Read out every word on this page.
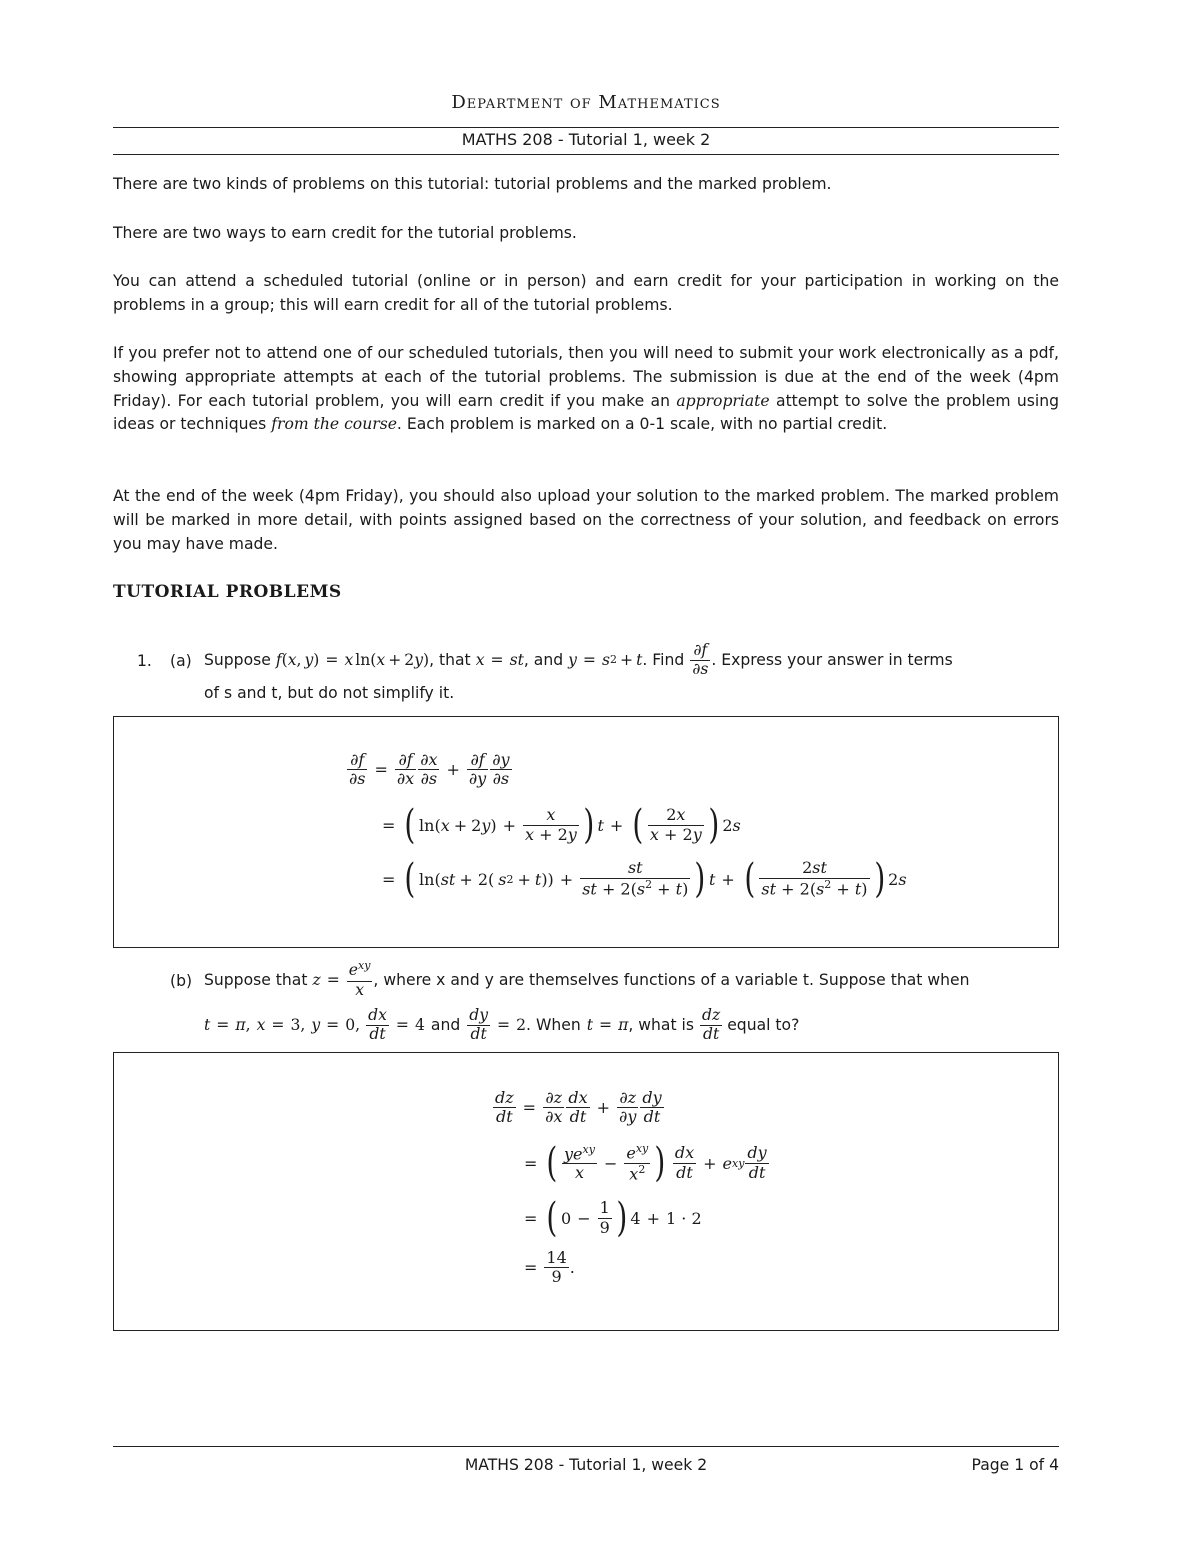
Department of Mathematics
MATHS 208 - Tutorial 1, week 2
There are two kinds of problems on this tutorial: tutorial problems and the marked problem.
There are two ways to earn credit for the tutorial problems.
You can attend a scheduled tutorial (online or in person) and earn credit for your participation in working on the problems in a group; this will earn credit for all of the tutorial problems.
If you prefer not to attend one of our scheduled tutorials, then you will need to submit your work electronically as a pdf, showing appropriate attempts at each of the tutorial problems. The submission is due at the end of the week (4pm Friday). For each tutorial problem, you will earn credit if you make an appropriate attempt to solve the problem using ideas or techniques from the course. Each problem is marked on a 0-1 scale, with no partial credit.
At the end of the week (4pm Friday), you should also upload your solution to the marked problem. The marked problem will be marked in more detail, with points assigned based on the correctness of your solution, and feedback on errors you may have made.
TUTORIAL PROBLEMS
1. (a) Suppose f ( x , y ) = x ln( x + 2 y ) , that x = st , and y = s 2 + t . Find $\frac{\partial f}{\partial s}$ . Express your answer in terms
of s and t, but do not simplify it.
$\frac{\partial f}{\partial s} = \frac{\partial f}{\partial x} \frac{\partial x}{\partial s} + \frac{\partial f}{\partial y} \frac{\partial y}{\partial s}$
= ( ln( x + 2 y ) + $\frac{x}{x + 2y}$ ) t + ( $\frac{2x}{x + 2y}$ ) 2 s
= ( ln( st + 2( s 2 + t )) + $\frac{st}{st + 2(s^2 + t)}$ ) t + ( $\frac{2st}{st + 2(s^2 + t)}$ ) 2 s
(b) Suppose that $z = \frac{e^{xy}}{x}$ , where x and y are themselves functions of a variable t. Suppose that when
t = π , x = 3, y = 0, $\frac{dx}{dt} = 4$ and $\frac{dy}{dt} = 2$ . When t = π , what is $\frac{dz}{dt}$ equal to?
$\frac{dz}{dt} = \frac{\partial z}{\partial x} \frac{dx}{dt} + \frac{\partial z}{\partial y} \frac{dy}{dt}$
= ( $\frac{ye^{xy}}{x} - \frac{e^{xy}}{x^2}$ ) $\frac{dx}{dt} + e$ xy $\frac{dy}{dt}$
= ( $0 - \frac{1}{9}$ ) 4 + 1 · 2
= $\frac{14}{9}$ .
MATHS 208 - Tutorial 1, week 2	Page 1 of 4
